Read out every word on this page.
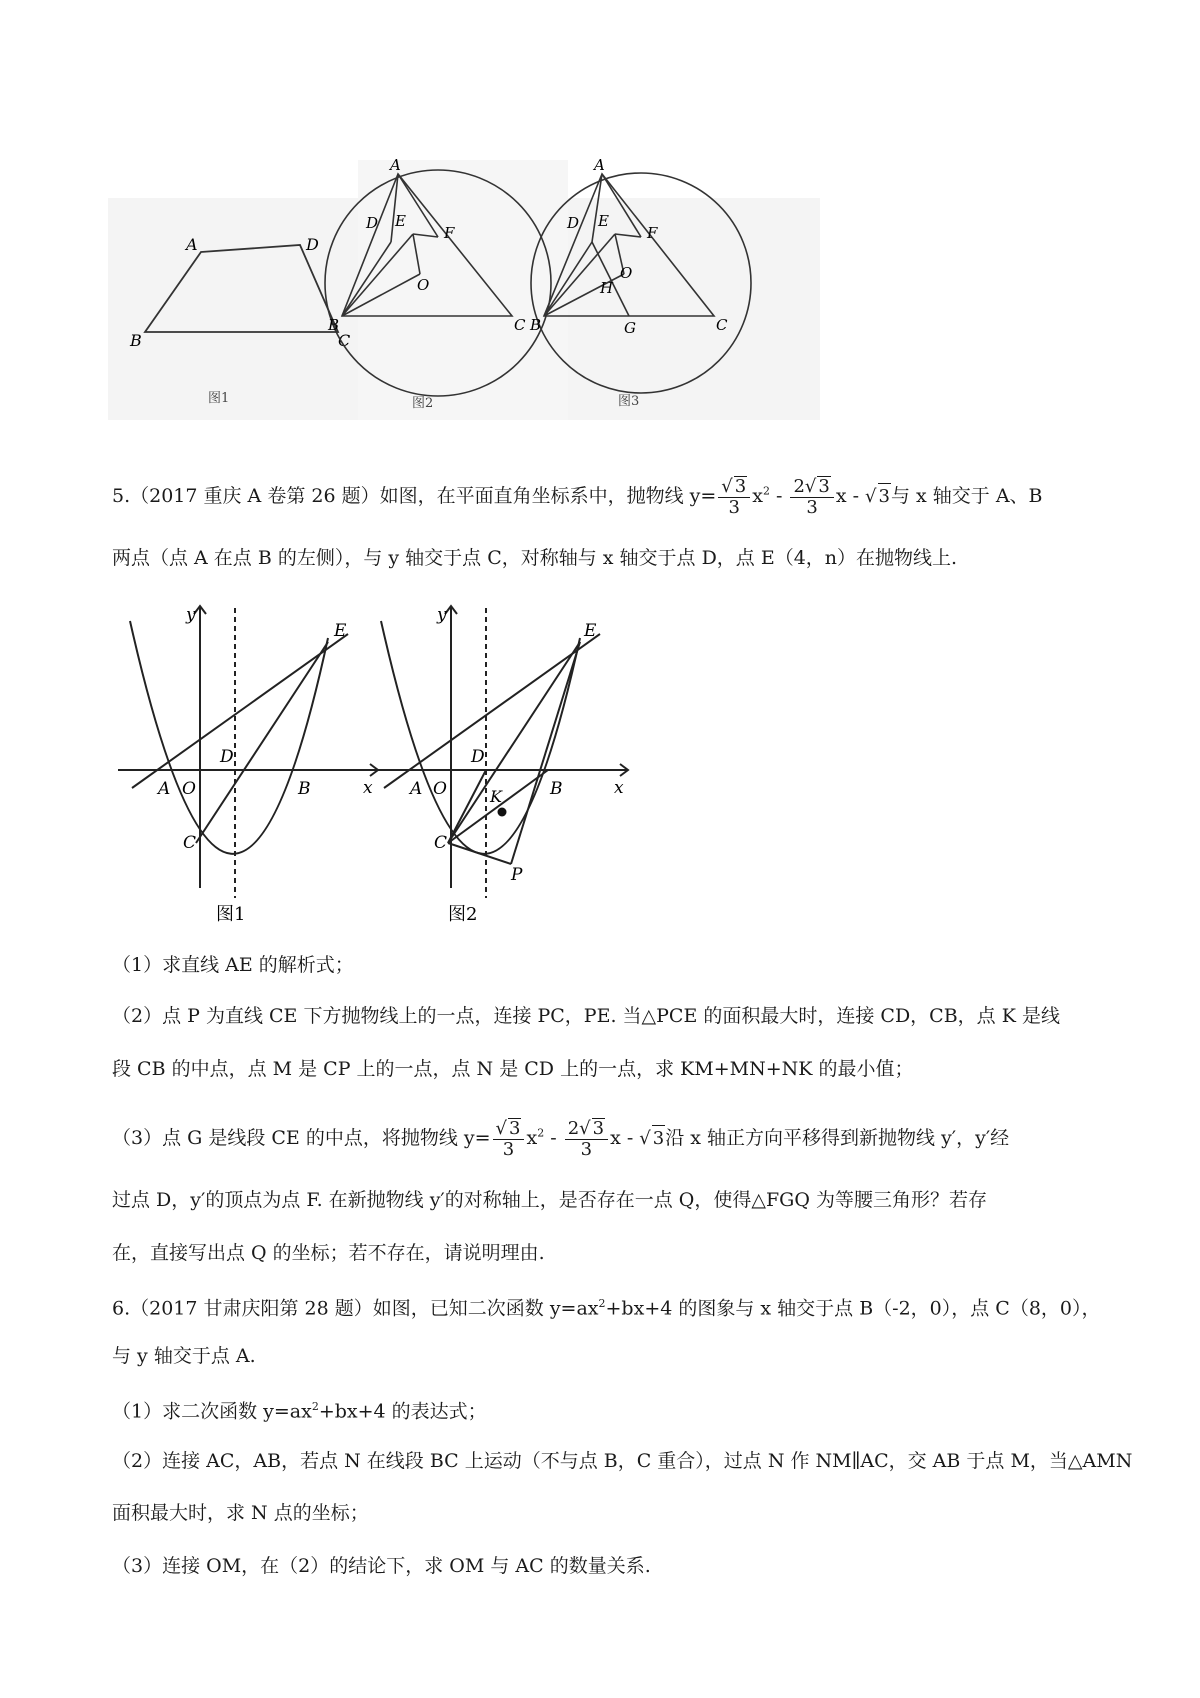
A	D
B	C
图1
A
D E
F
O
B	C
图2
A
D E
F
O
H
G
B	C
图3
5.（2017 重庆 A 卷第 26 题）如图，在平面直角坐标系中，抛物线 $y= \frac{√ 3}{3} x^2 - \frac{2√ 3}{3}$ x - √ 3与 x 轴交于 A、B
两点（点 A 在点 B 的左侧），与 y 轴交于点 C，对称轴与 x 轴交于点 D，点 E（4，n）在抛物线上.
y
x
A O
D
B
C
E
图1
y
x
A O
D
B
K
C
P
E
图2
（1）求直线 AE 的解析式；
（2）点 P 为直线 CE 下方抛物线上的一点，连接 PC，PE. 当△PCE 的面积最大时，连接 CD，CB，点 K 是线
段 CB 的中点，点 M 是 CP 上的一点，点 N 是 CD 上的一点，求 KM+MN+NK 的最小值；
（3）点 G 是线段 CE 的中点，将抛物线 $y= \frac{√ 3}{3} x^2 - \frac{2√ 3}{3}$ x - √ 3沿 x 轴正方向平移得到新抛物线 y′，y′经
过点 D，y′的顶点为点 F. 在新抛物线 y′的对称轴上，是否存在一点 Q，使得△FGQ 为等腰三角形？若存
在，直接写出点 Q 的坐标；若不存在，请说明理由.
6.（2017 甘肃庆阳第 28 题）如图，已知二次函数 $y=ax^2+bx+4$ 的图象与 x 轴交于点 B（-2，0），点 C（8，0），
与 y 轴交于点 A.
（1）求二次函数 $y=ax^2+bx+4$ 的表达式；
（2）连接 AC，AB，若点 N 在线段 BC 上运动（不与点 B，C 重合），过点 N 作 NM∥AC，交 AB 于点 M，当△AMN
面积最大时，求 N 点的坐标；
（3）连接 OM，在（2）的结论下，求 OM 与 AC 的数量关系.
